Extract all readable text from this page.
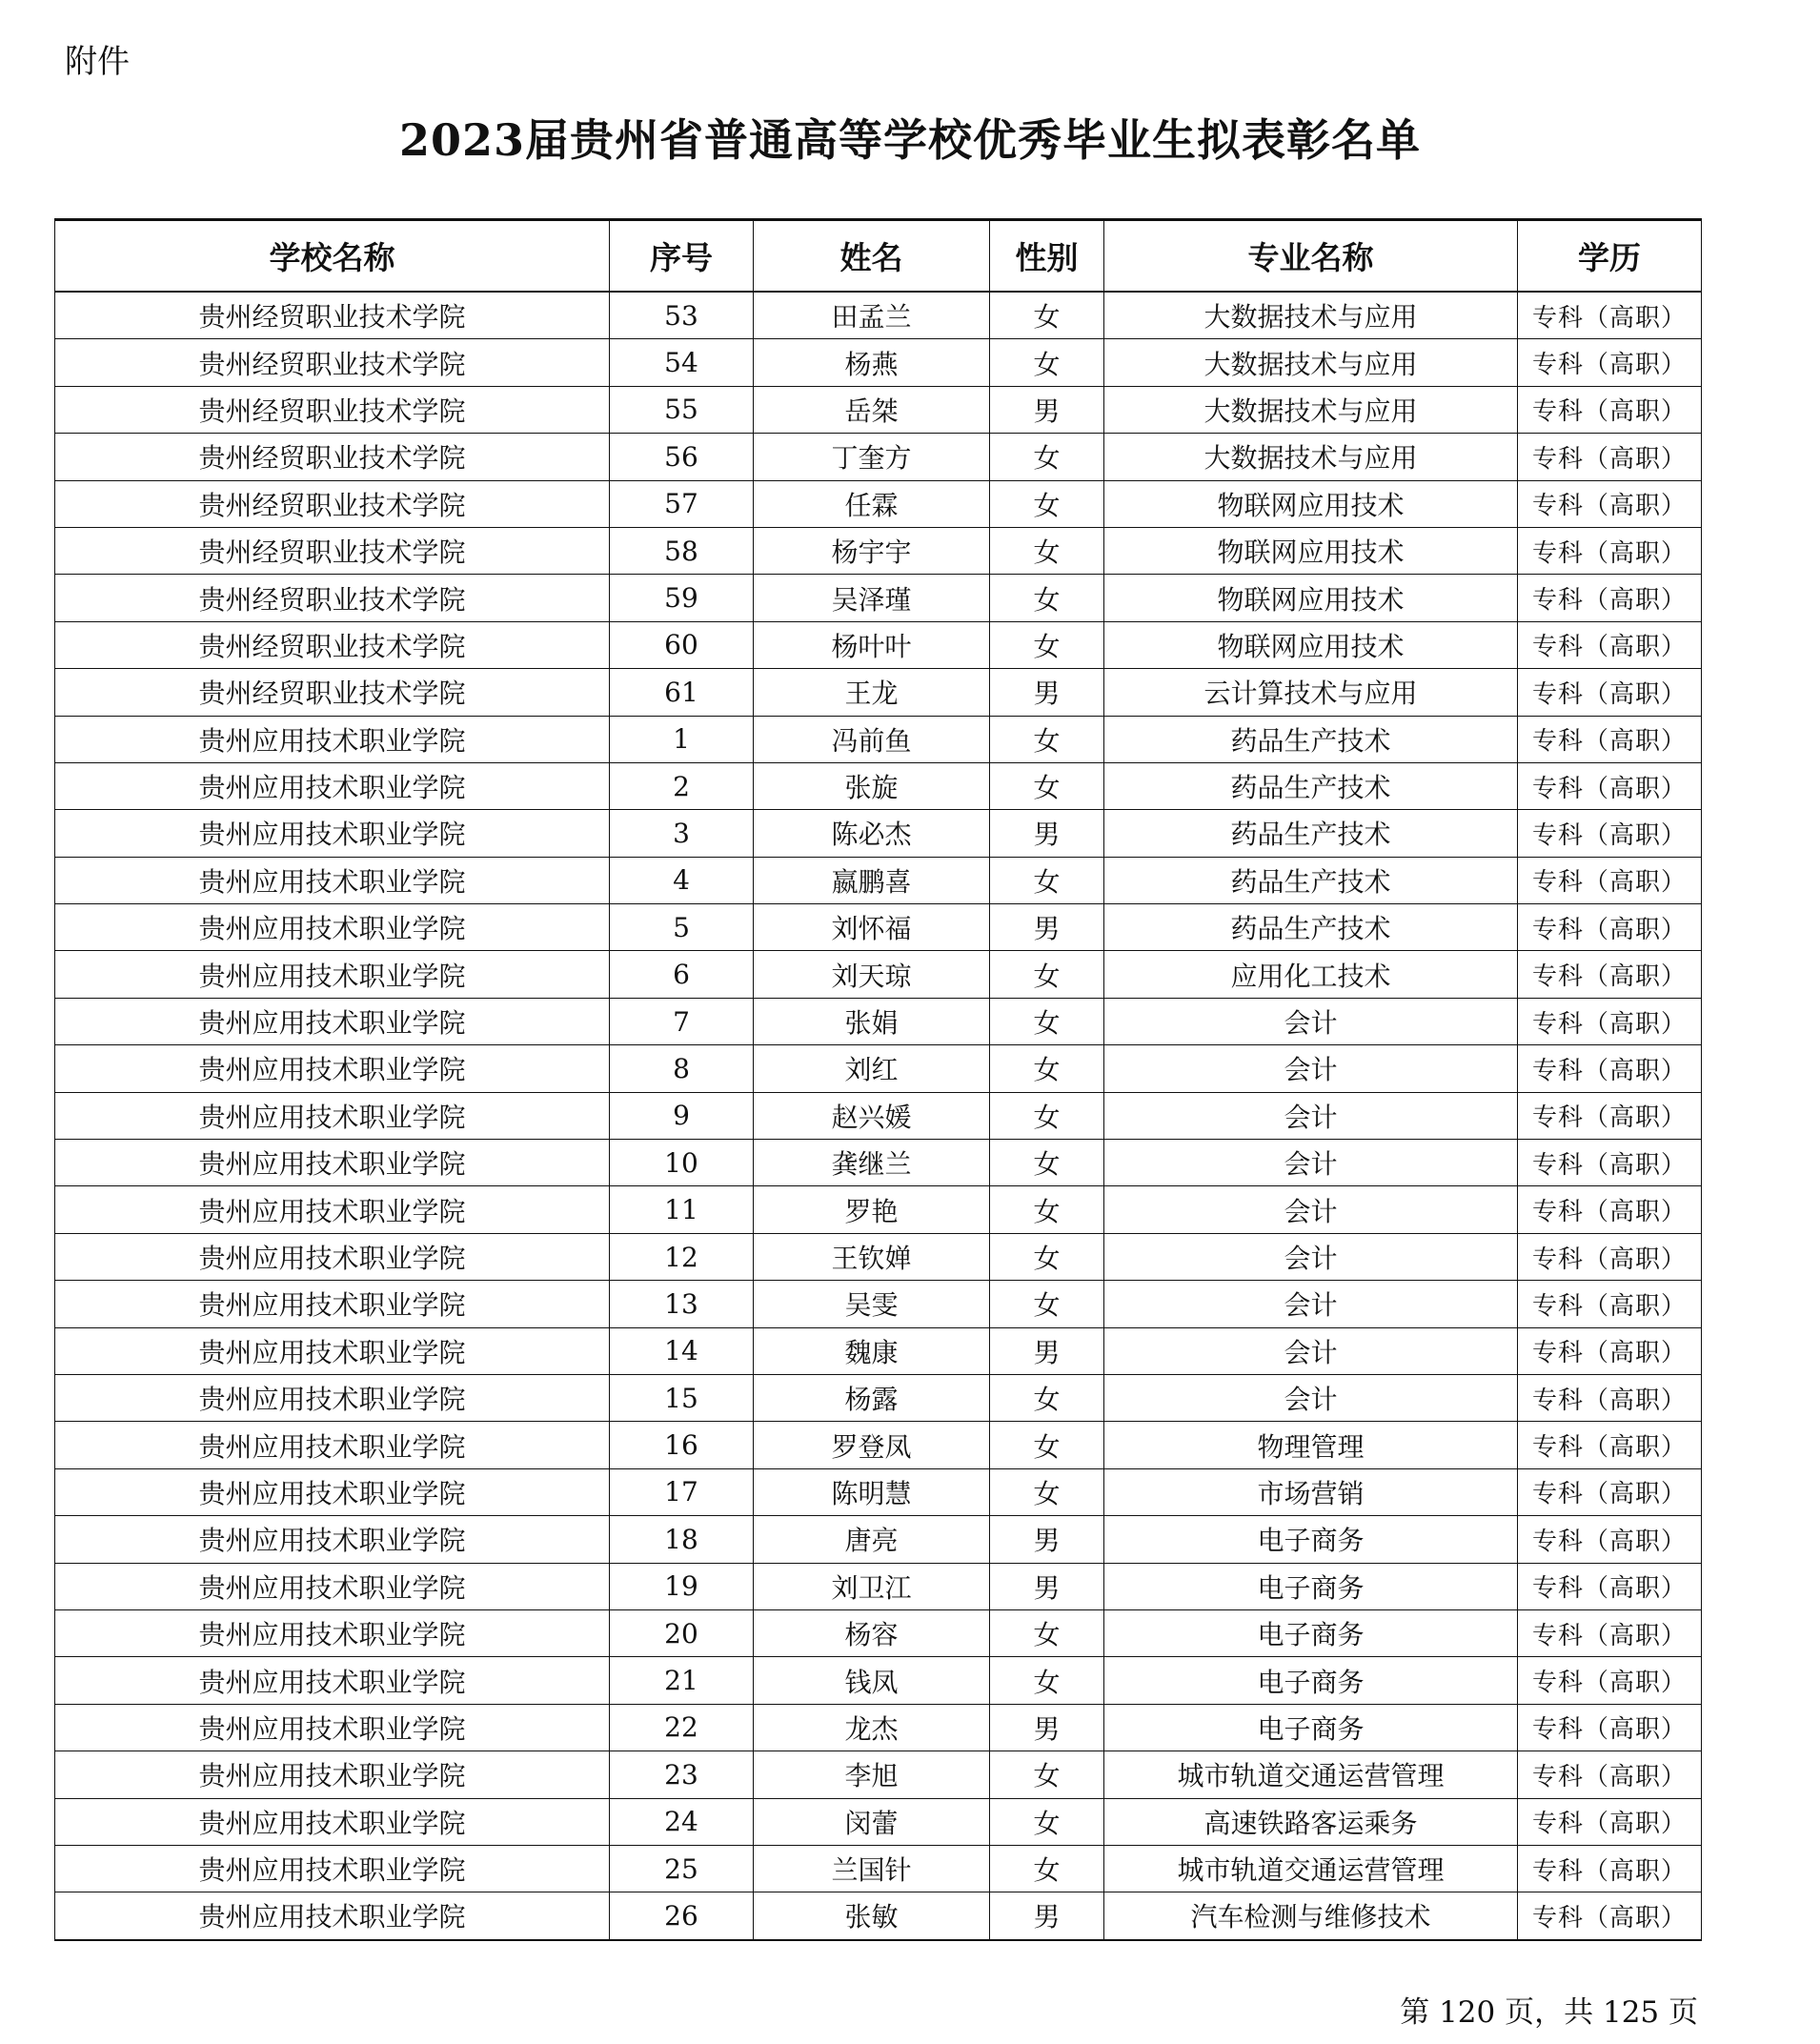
附件
2023届贵州省普通高等学校优秀毕业生拟表彰名单
学校名称	序号	姓名	性别	专业名称	学历
贵州经贸职业技术学院	53	田孟兰	女	大数据技术与应用	专科（高职）
贵州经贸职业技术学院	54	杨燕	女	大数据技术与应用	专科（高职）
贵州经贸职业技术学院	55	岳桀	男	大数据技术与应用	专科（高职）
贵州经贸职业技术学院	56	丁奎方	女	大数据技术与应用	专科（高职）
贵州经贸职业技术学院	57	任霖	女	物联网应用技术	专科（高职）
贵州经贸职业技术学院	58	杨宇宇	女	物联网应用技术	专科（高职）
贵州经贸职业技术学院	59	吴泽瑾	女	物联网应用技术	专科（高职）
贵州经贸职业技术学院	60	杨叶叶	女	物联网应用技术	专科（高职）
贵州经贸职业技术学院	61	王龙	男	云计算技术与应用	专科（高职）
贵州应用技术职业学院	1	冯前鱼	女	药品生产技术	专科（高职）
贵州应用技术职业学院	2	张旋	女	药品生产技术	专科（高职）
贵州应用技术职业学院	3	陈必杰	男	药品生产技术	专科（高职）
贵州应用技术职业学院	4	嬴鹏喜	女	药品生产技术	专科（高职）
贵州应用技术职业学院	5	刘怀福	男	药品生产技术	专科（高职）
贵州应用技术职业学院	6	刘天琼	女	应用化工技术	专科（高职）
贵州应用技术职业学院	7	张娟	女	会计	专科（高职）
贵州应用技术职业学院	8	刘红	女	会计	专科（高职）
贵州应用技术职业学院	9	赵兴媛	女	会计	专科（高职）
贵州应用技术职业学院	10	龚继兰	女	会计	专科（高职）
贵州应用技术职业学院	11	罗艳	女	会计	专科（高职）
贵州应用技术职业学院	12	王钦婵	女	会计	专科（高职）
贵州应用技术职业学院	13	吴雯	女	会计	专科（高职）
贵州应用技术职业学院	14	魏康	男	会计	专科（高职）
贵州应用技术职业学院	15	杨露	女	会计	专科（高职）
贵州应用技术职业学院	16	罗登凤	女	物理管理	专科（高职）
贵州应用技术职业学院	17	陈明慧	女	市场营销	专科（高职）
贵州应用技术职业学院	18	唐亮	男	电子商务	专科（高职）
贵州应用技术职业学院	19	刘卫江	男	电子商务	专科（高职）
贵州应用技术职业学院	20	杨容	女	电子商务	专科（高职）
贵州应用技术职业学院	21	钱凤	女	电子商务	专科（高职）
贵州应用技术职业学院	22	龙杰	男	电子商务	专科（高职）
贵州应用技术职业学院	23	李旭	女	城市轨道交通运营管理	专科（高职）
贵州应用技术职业学院	24	闵蕾	女	高速铁路客运乘务	专科（高职）
贵州应用技术职业学院	25	兰国针	女	城市轨道交通运营管理	专科（高职）
贵州应用技术职业学院	26	张敏	男	汽车检测与维修技术	专科（高职）
第 120 页，共 125 页
